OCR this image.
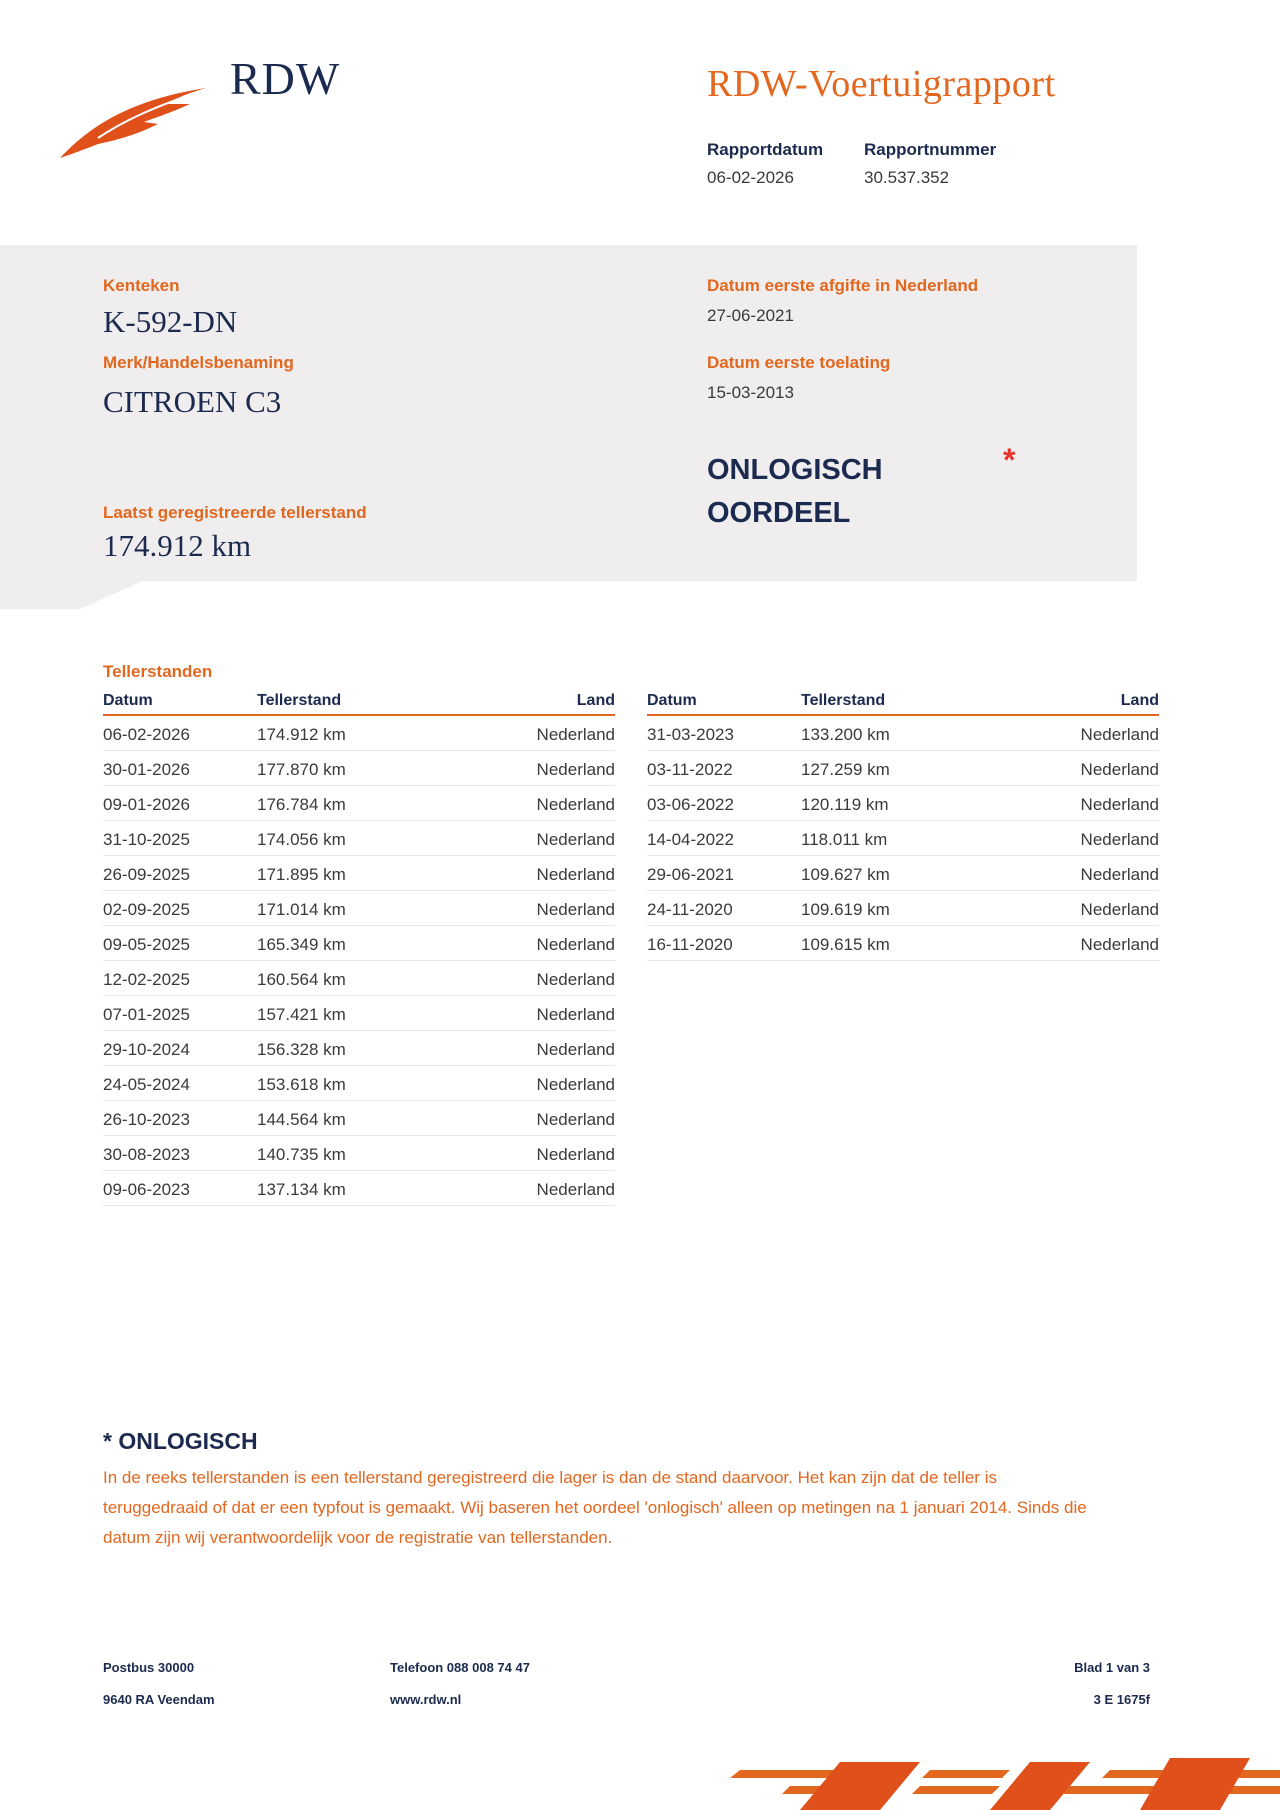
RDW	RDW-Voertuigrapport
Rapportdatum
06-02-2026
Rapportnummer
30.537.352
Kenteken
K-592-DN
Merk/Handelsbenaming
CITROEN C3
Laatst geregistreerde tellerstand
174.912 km
Datum eerste afgifte in Nederland
27-06-2021
Datum eerste toelating
15-03-2013
ONLOGISCH
OORDEEL
*
Tellerstanden
Datum	Tellerstand	Land
06-02-2026	174.912 km	Nederland
30-01-2026	177.870 km	Nederland
09-01-2026	176.784 km	Nederland
31-10-2025	174.056 km	Nederland
26-09-2025	171.895 km	Nederland
02-09-2025	171.014 km	Nederland
09-05-2025	165.349 km	Nederland
12-02-2025	160.564 km	Nederland
07-01-2025	157.421 km	Nederland
29-10-2024	156.328 km	Nederland
24-05-2024	153.618 km	Nederland
26-10-2023	144.564 km	Nederland
30-08-2023	140.735 km	Nederland
09-06-2023	137.134 km	Nederland
Datum	Tellerstand	Land
31-03-2023	133.200 km	Nederland
03-11-2022	127.259 km	Nederland
03-06-2022	120.119 km	Nederland
14-04-2022	118.011 km	Nederland
29-06-2021	109.627 km	Nederland
24-11-2020	109.619 km	Nederland
16-11-2020	109.615 km	Nederland
* ONLOGISCH
In de reeks tellerstanden is een tellerstand geregistreerd die lager is dan de stand daarvoor. Het kan zijn dat de teller is teruggedraaid of dat er een typfout is gemaakt. Wij baseren het oordeel 'onlogisch' alleen op metingen na 1 januari 2014. Sinds die datum zijn wij verantwoordelijk voor de registratie van tellerstanden.
Postbus 30000
9640 RA Veendam
Telefoon 088 008 74 47
www.rdw.nl
Blad 1 van 3
3 E 1675f
